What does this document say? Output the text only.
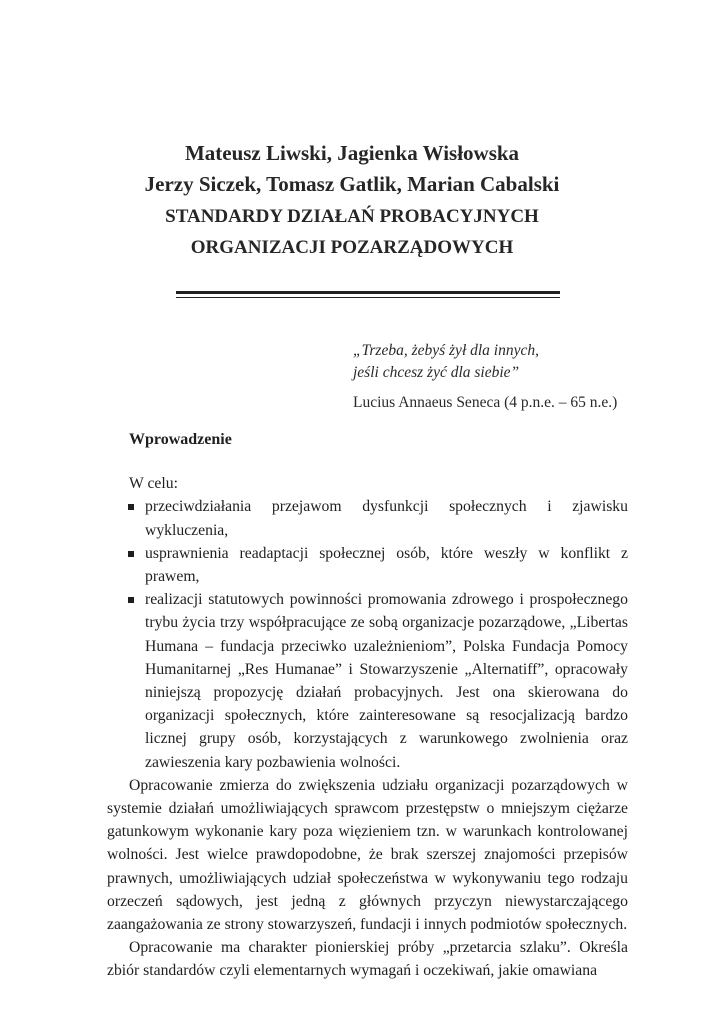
Mateusz Liwski, Jagienka Wisłowska
Jerzy Siczek, Tomasz Gatlik, Marian Cabalski
STANDARDY DZIAŁAŃ PROBACYJNYCH
ORGANIZACJI POZARZĄDOWYCH
„Trzeba, żebyś żył dla innych,
jeśli chcesz żyć dla siebie”
Lucius Annaeus Seneca (4 p.n.e. – 65 n.e.)
Wprowadzenie

W celu:

przeciwdziałania przejawom dysfunkcji społecznych i zjawisku wykluczenia,
usprawnienia readaptacji społecznej osób, które weszły w konflikt z prawem,
realizacji statutowych powinności promowania zdrowego i prospołecznego trybu życia trzy współpracujące ze sobą organizacje pozarządowe, „Libertas Humana – fundacja przeciwko uzależnieniom”, Polska Fundacja Pomocy Humanitarnej „Res Humanae” i Stowarzyszenie „Alternatiff”, opracowały niniejszą propozycję działań probacyjnych. Jest ona skierowana do organizacji społecznych, które zainteresowane są resocjalizacją bardzo licznej grupy osób, korzystających z warunkowego zwolnienia oraz zawieszenia kary pozbawienia wolności.

Opracowanie zmierza do zwiększenia udziału organizacji pozarządowych w systemie działań umożliwiających sprawcom przestępstw o mniejszym ciężarze gatunkowym wykonanie kary poza więzieniem tzn. w warunkach kontrolowanej wolności. Jest wielce prawdopodobne, że brak szerszej znajomości przepisów prawnych, umożliwiających udział społeczeństwa w wykonywaniu tego rodzaju orzeczeń sądowych, jest jedną z głównych przyczyn niewystarczającego zaangażowania ze strony stowarzyszeń, fundacji i innych podmiotów społecznych.

Opracowanie ma charakter pionierskiej próby „przetarcia szlaku”. Określa zbiór standardów czyli elementarnych wymagań i oczekiwań, jakie omawiana
